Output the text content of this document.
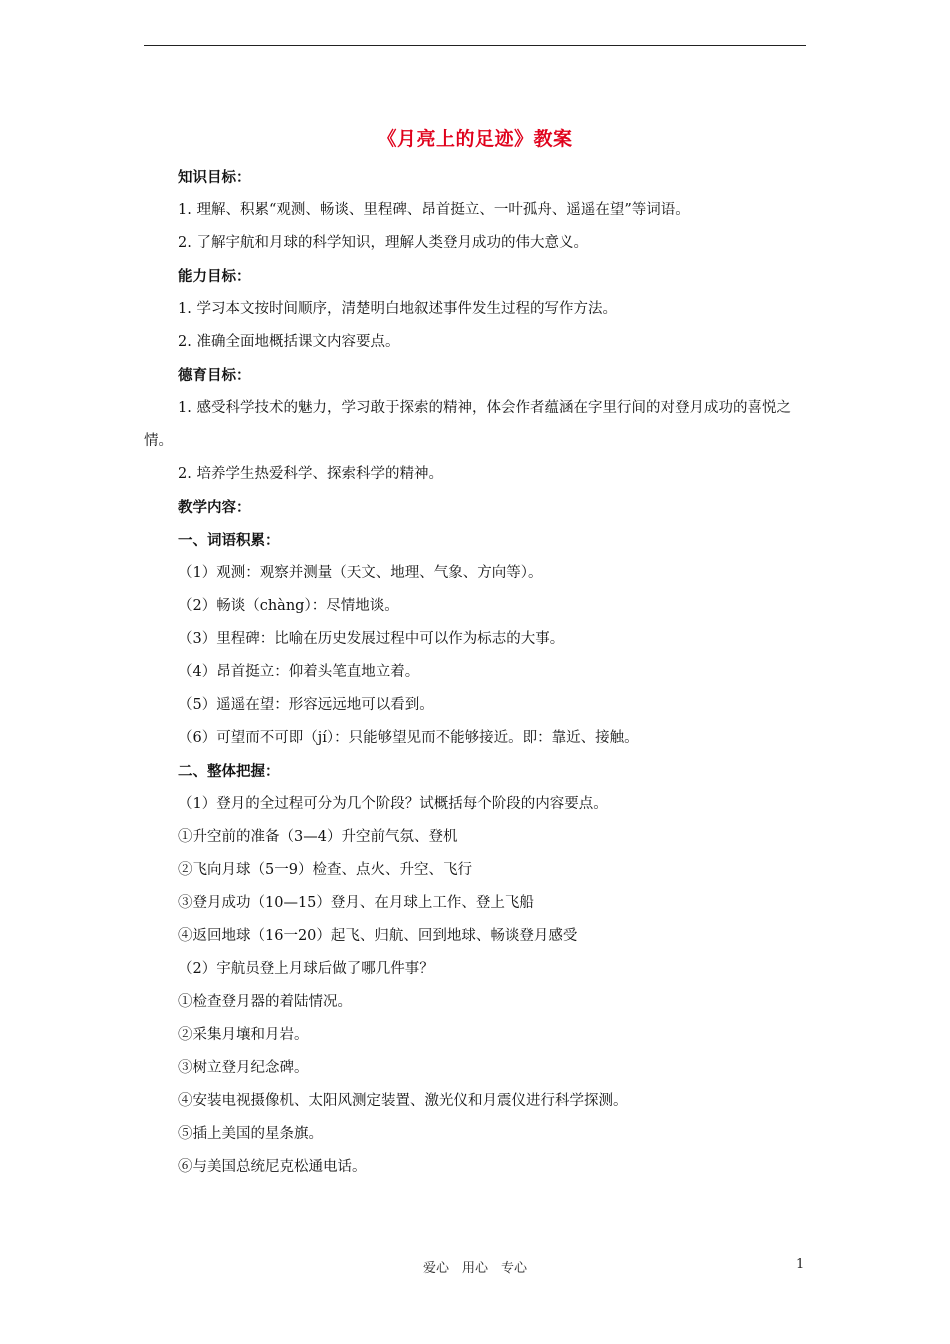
《月亮上的足迹》教案
知识目标：
1. 理解、积累“观测、畅谈、里程碑、昂首挺立、一叶孤舟、遥遥在望”等词语。
2. 了解宇航和月球的科学知识，理解人类登月成功的伟大意义。
能力目标：
1. 学习本文按时间顺序，清楚明白地叙述事件发生过程的写作方法。
2. 准确全面地概括课文内容要点。
德育目标：
1. 感受科学技术的魅力，学习敢于探索的精神，体会作者蕴涵在字里行间的对登月成功的喜悦之情。
2. 培养学生热爱科学、探索科学的精神。
教学内容：
一、词语积累：
（1）观测：观察并测量（天文、地理、气象、方向等）。
（2）畅谈（chàng）：尽情地谈。
（3）里程碑：比喻在历史发展过程中可以作为标志的大事。
（4）昂首挺立：仰着头笔直地立着。
（5）遥遥在望：形容远远地可以看到。
（6）可望而不可即（jí）：只能够望见而不能够接近。即：靠近、接触。
二、整体把握：
（1）登月的全过程可分为几个阶段？试概括每个阶段的内容要点。
①升空前的准备（3—4）升空前气氛、登机
②飞向月球（5一9）检查、点火、升空、飞行
③登月成功（10—15）登月、在月球上工作、登上飞船
④返回地球（16一20）起飞、归航、回到地球、畅谈登月感受
（2）宇航员登上月球后做了哪几件事？
①检查登月器的着陆情况。
②采集月壤和月岩。
③树立登月纪念碑。
④安装电视摄像机、太阳风测定装置、激光仪和月震仪进行科学探测。
⑤插上美国的星条旗。
⑥与美国总统尼克松通电话。
爱心　用心　专心	1
